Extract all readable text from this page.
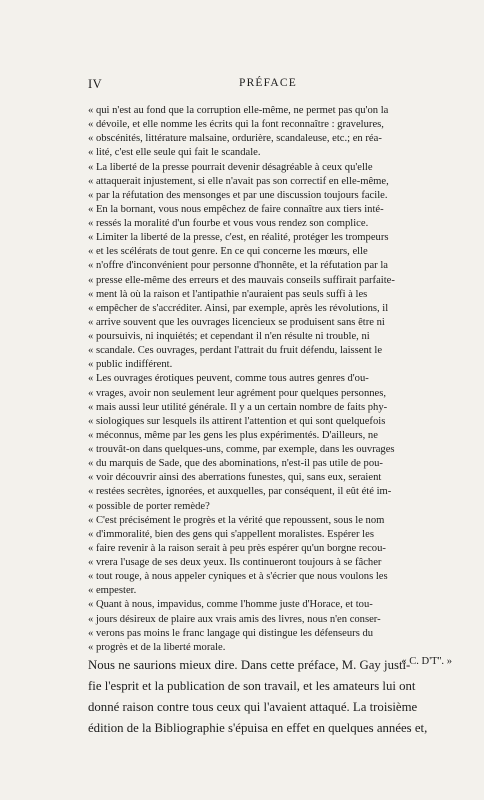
IV	PRÉFACE
« qui n'est au fond que la corruption elle-même, ne permet pas qu'on la
« dévoile, et elle nomme les écrits qui la font reconnaître : gravelures,
« obscénités, littérature malsaine, ordurière, scandaleuse, etc.; en réa-
« lité, c'est elle seule qui fait le scandale.
« La liberté de la presse pourrait devenir désagréable à ceux qu'elle
« attaquerait injustement, si elle n'avait pas son correctif en elle-même,
« par la réfutation des mensonges et par une discussion toujours facile.
« En la bornant, vous nous empêchez de faire connaître aux tiers inté-
« ressés la moralité d'un fourbe et vous vous rendez son complice.
« Limiter la liberté de la presse, c'est, en réalité, protéger les trompeurs
« et les scélérats de tout genre. En ce qui concerne les mœurs, elle
« n'offre d'inconvénient pour personne d'honnête, et la réfutation par la
« presse elle-même des erreurs et des mauvais conseils suffirait parfaite-
« ment là où la raison et l'antipathie n'auraient pas seuls suffi à les
« empêcher de s'accréditer. Ainsi, par exemple, après les révolutions, il
« arrive souvent que les ouvrages licencieux se produisent sans être ni
« poursuivis, ni inquiétés; et cependant il n'en résulte ni trouble, ni
« scandale. Ces ouvrages, perdant l'attrait du fruit défendu, laissent le
« public indifférent.
« Les ouvrages érotiques peuvent, comme tous autres genres d'ou-
« vrages, avoir non seulement leur agrément pour quelques personnes,
« mais aussi leur utilité générale. Il y a un certain nombre de faits phy-
« siologiques sur lesquels ils attirent l'attention et qui sont quelquefois
« méconnus, même par les gens les plus expérimentés. D'ailleurs, ne
« trouvât-on dans quelques-uns, comme, par exemple, dans les ouvrages
« du marquis de Sade, que des abominations, n'est-il pas utile de pou-
« voir découvrir ainsi des aberrations funestes, qui, sans eux, seraient
« restées secrètes, ignorées, et auxquelles, par conséquent, il eût été im-
« possible de porter remède?
« C'est précisément le progrès et la vérité que repoussent, sous le nom
« d'immoralité, bien des gens qui s'appellent moralistes. Espérer les
« faire revenir à la raison serait à peu près espérer qu'un borgne recou-
« vrera l'usage de ses deux yeux. Ils continueront toujours à se fâcher
« tout rouge, à nous appeler cyniques et à s'écrier que nous voulons les
« empester.
« Quant à nous, impavidus, comme l'homme juste d'Horace, et tou-
« jours désireux de plaire aux vrais amis des livres, nous n'en conser-
« verons pas moins le franc langage qui distingue les défenseurs du
« progrès et de la liberté morale.
« C. D'T''. »
Nous ne saurions mieux dire. Dans cette préface, M. Gay justi-
fie l'esprit et la publication de son travail, et les amateurs lui ont
donné raison contre tous ceux qui l'avaient attaqué. La troisième
édition de la Bibliographie s'épuisa en effet en quelques années et,
